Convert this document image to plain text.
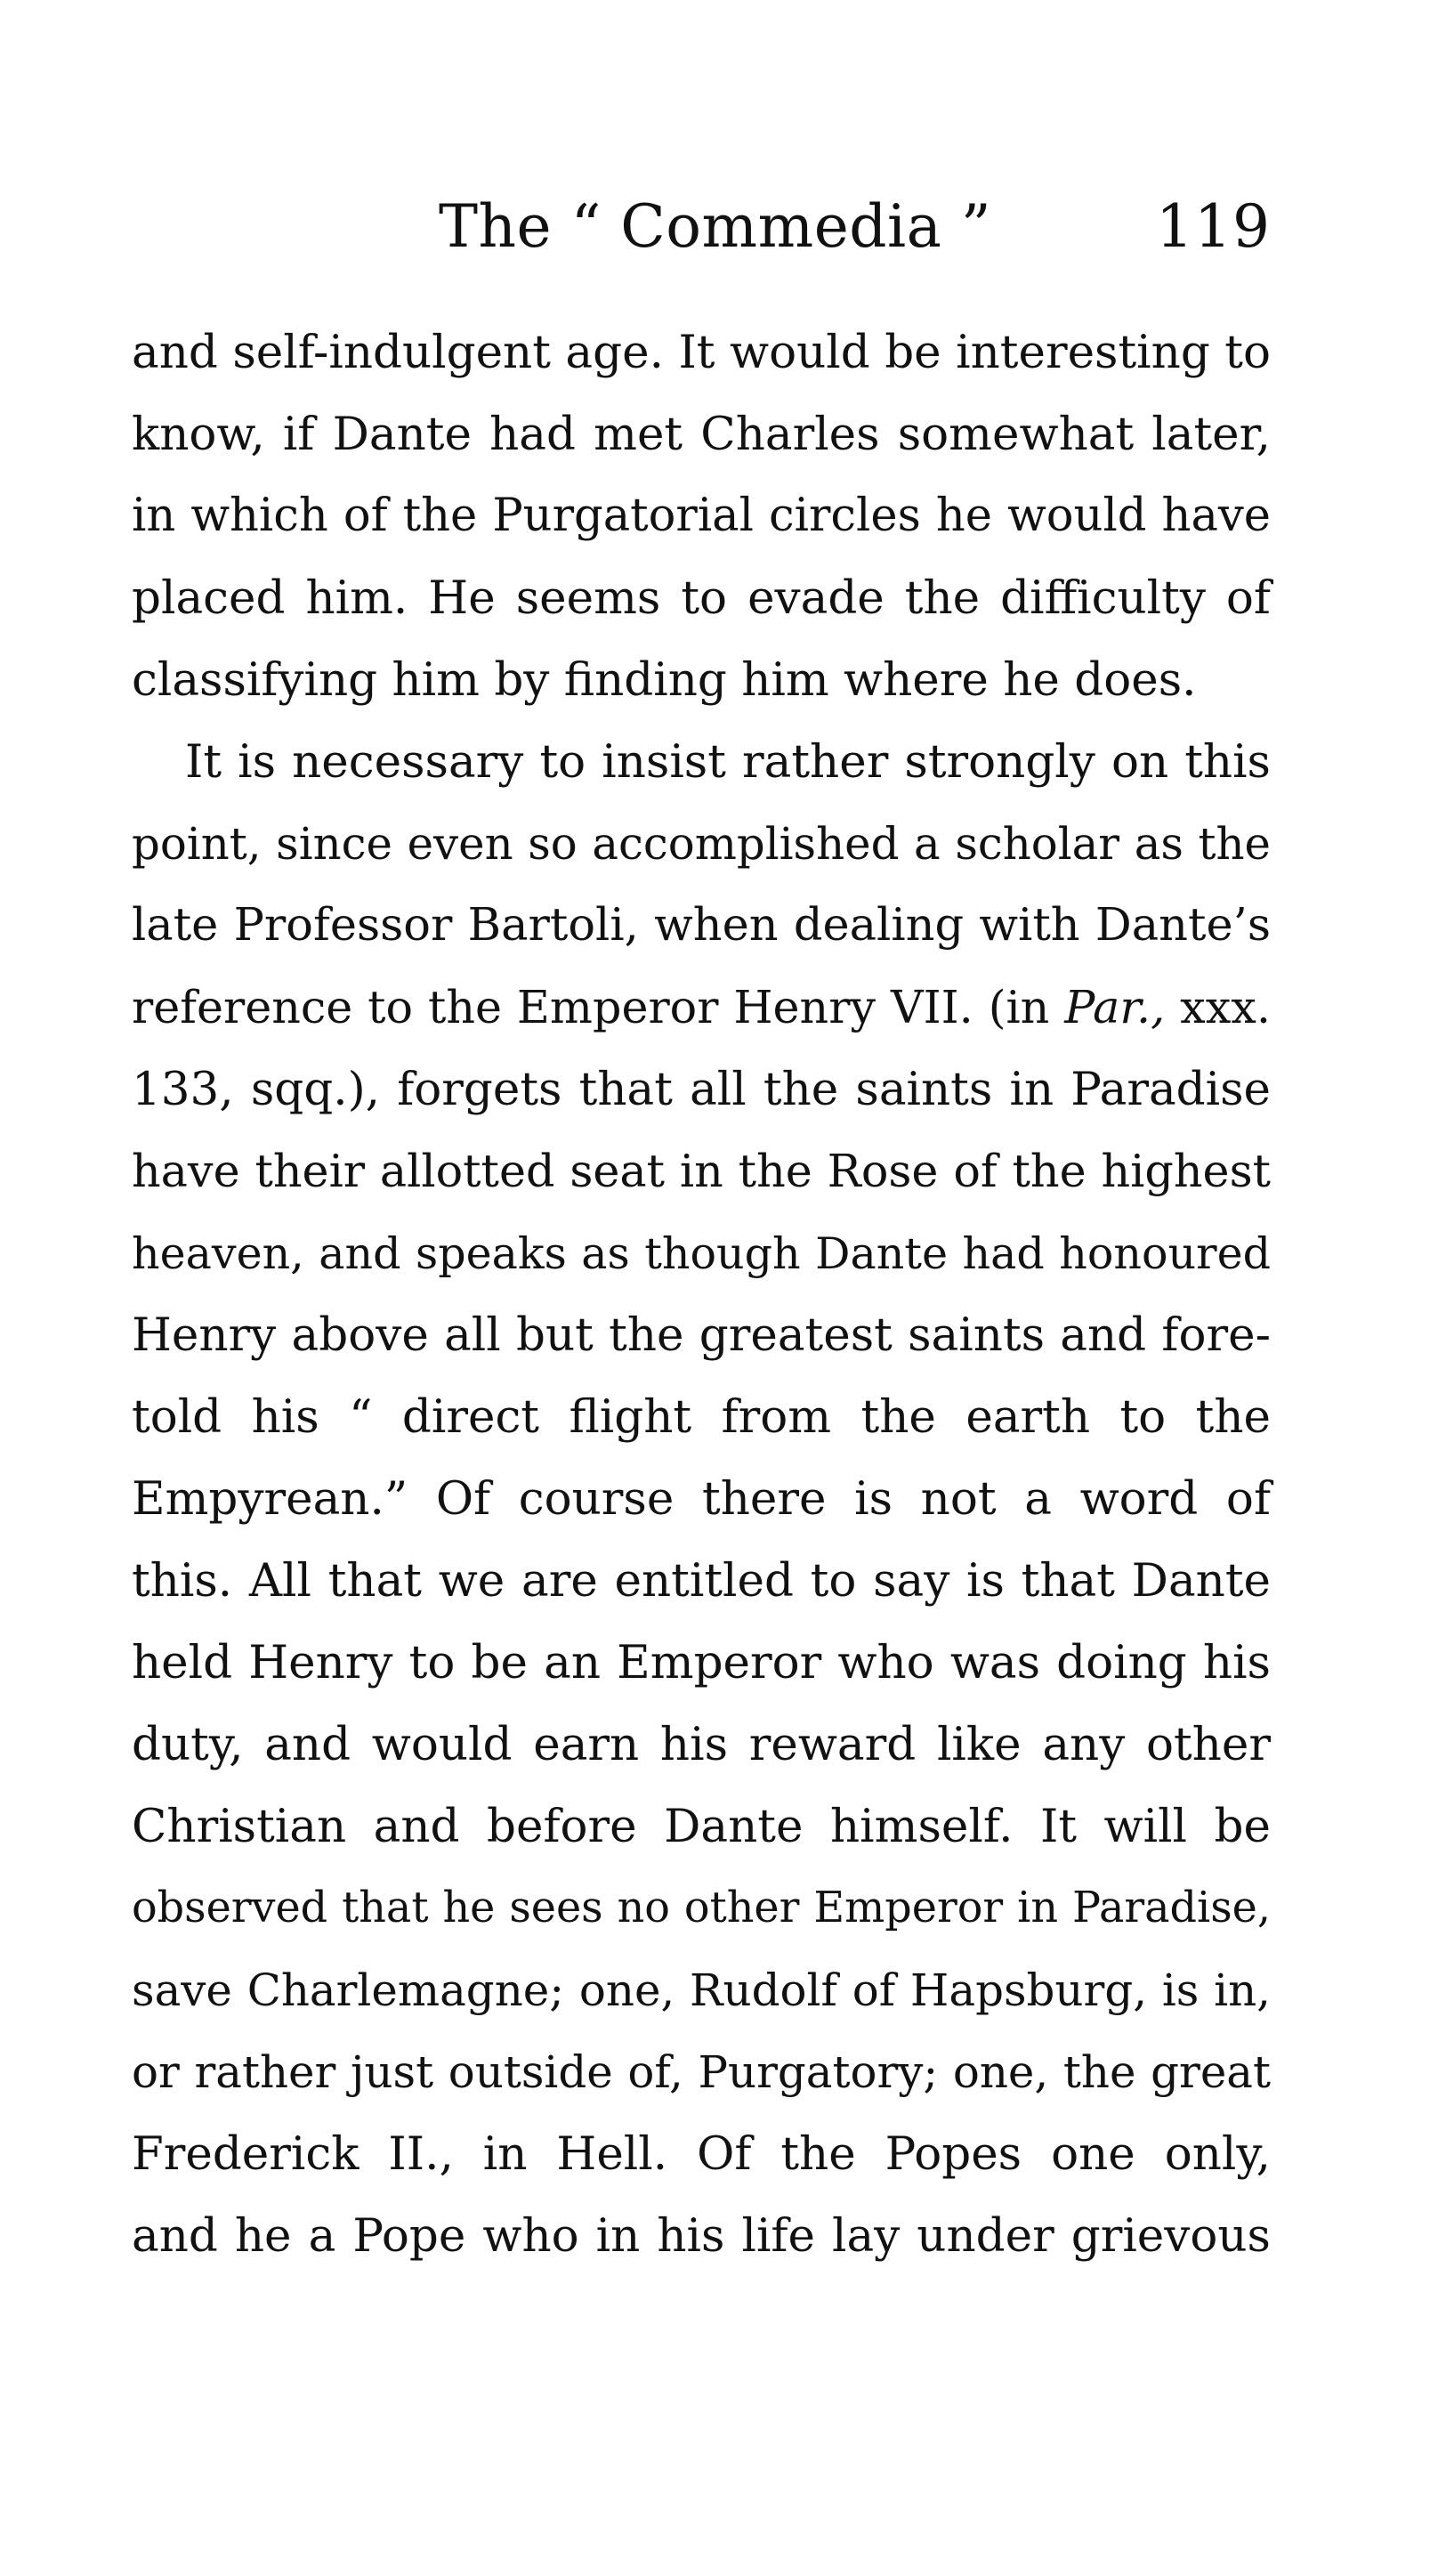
The “ Commedia ”	119
and self-indulgent age. It would be interesting to
know, if Dante had met Charles somewhat later,
in which of the Purgatorial circles he would have
placed him. He seems to evade the difficulty of
classifying him by finding him where he does.
It is necessary to insist rather strongly on this
point, since even so accomplished a scholar as the
late Professor Bartoli, when dealing with Dante’s
reference to the Emperor Henry VII. (in Par., xxx.
133, sqq.), forgets that all the saints in Paradise
have their allotted seat in the Rose of the highest
heaven, and speaks as though Dante had honoured
Henry above all but the greatest saints and fore-
told his “ direct flight from the earth to the
Empyrean.” Of course there is not a word of
this. All that we are entitled to say is that Dante
held Henry to be an Emperor who was doing his
duty, and would earn his reward like any other
Christian and before Dante himself. It will be
observed that he sees no other Emperor in Paradise,
save Charlemagne; one, Rudolf of Hapsburg, is in,
or rather just outside of, Purgatory; one, the great
Frederick II., in Hell. Of the Popes one only,
and he a Pope who in his life lay under grievous
